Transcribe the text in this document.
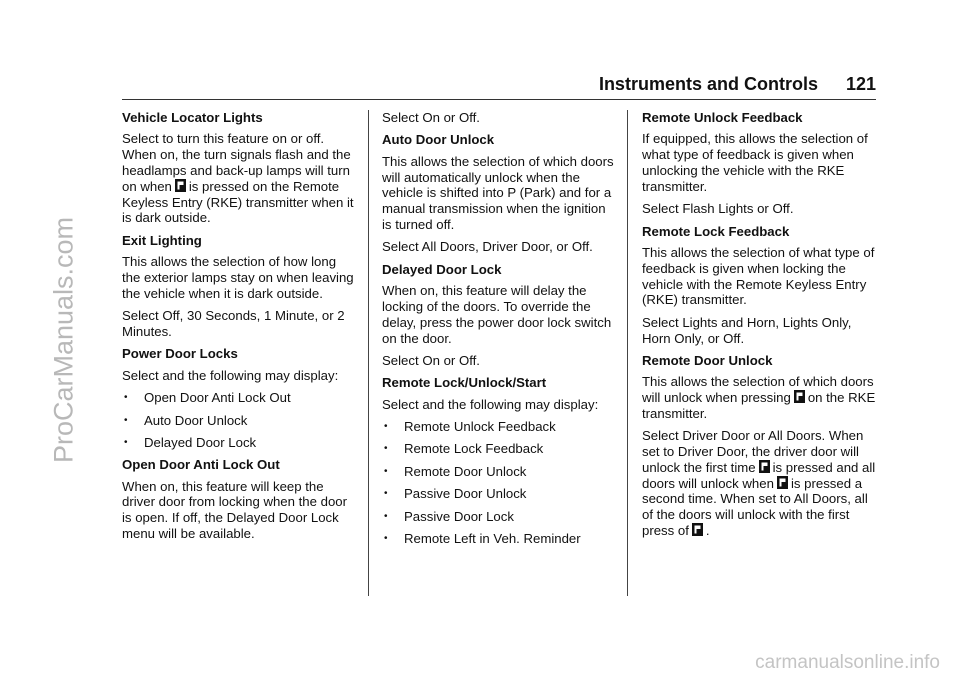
ProCarManuals.com
Instruments and Controls 121
Vehicle Locator Lights

Select to turn this feature on or off. When on, the turn signals flash and the headlamps and back-up lamps will turn on when is pressed on the Remote Keyless Entry (RKE) transmitter when it is dark outside.

Exit Lighting

This allows the selection of how long the exterior lamps stay on when leaving the vehicle when it is dark outside.

Select Off, 30 Seconds, 1 Minute, or 2 Minutes.

Power Door Locks

Select and the following may display:

• Open Door Anti Lock Out
• Auto Door Unlock
• Delayed Door Lock
Open Door Anti Lock Out

When on, this feature will keep the driver door from locking when the door is open. If off, the Delayed Door Lock menu will be available.

Select On or Off.

Auto Door Unlock

This allows the selection of which doors will automatically unlock when the vehicle is shifted into P (Park) and for a manual transmission when the ignition is turned off.

Select All Doors, Driver Door, or Off.

Delayed Door Lock

When on, this feature will delay the locking of the doors. To override the delay, press the power door lock switch on the door.

Select On or Off.

Remote Lock/Unlock/Start

Select and the following may display:

• Remote Unlock Feedback
• Remote Lock Feedback
• Remote Door Unlock
• Passive Door Unlock
• Passive Door Lock
• Remote Left in Veh. Reminder
Remote Unlock Feedback

If equipped, this allows the selection of what type of feedback is given when unlocking the vehicle with the RKE transmitter.

Select Flash Lights or Off.

Remote Lock Feedback

This allows the selection of what type of feedback is given when locking the vehicle with the Remote Keyless Entry (RKE) transmitter.

Select Lights and Horn, Lights Only, Horn Only, or Off.

Remote Door Unlock

This allows the selection of which doors will unlock when pressing on the RKE transmitter.

Select Driver Door or All Doors. When set to Driver Door, the driver door will unlock the first time is pressed and all doors will unlock when is pressed a second time. When set to All Doors, all of the doors will unlock with the first press of .

carmanualsonline.info
